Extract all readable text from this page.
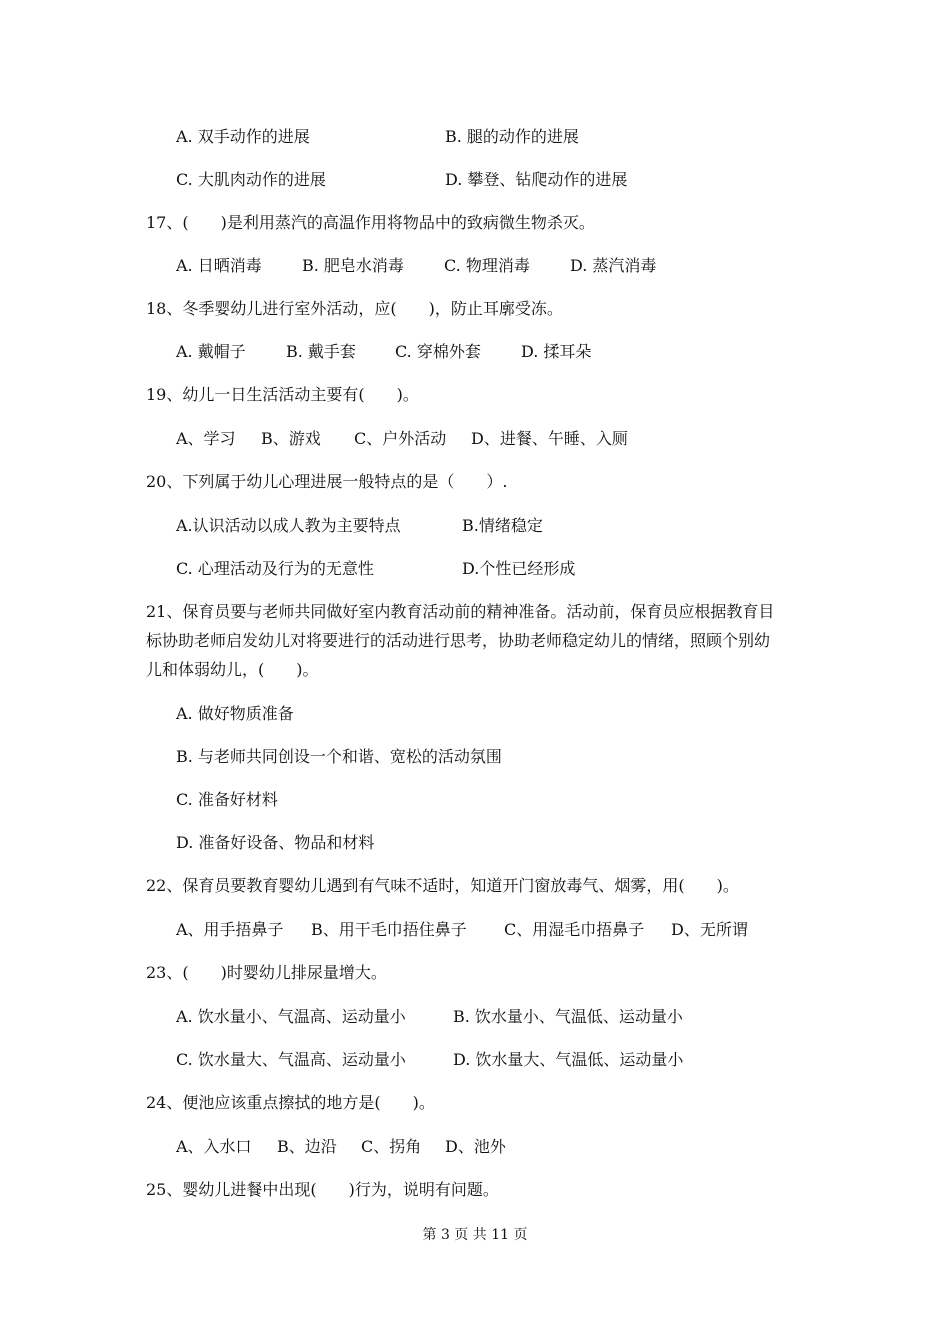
A. 双手动作的进展	B. 腿的动作的进展
C. 大肌肉动作的进展	D. 攀登、钻爬动作的进展
17、(　　)是利用蒸汽的高温作用将物品中的致病微生物杀灭。
A. 日晒消毒	B. 肥皂水消毒	C. 物理消毒	D. 蒸汽消毒
18、冬季婴幼儿进行室外活动，应(　　)，防止耳廓受冻。
A. 戴帽子	B. 戴手套 C. 穿棉外套	D. 揉耳朵
19、幼儿一日生活活动主要有(　　)。
A、学习 B、游戏 C、户外活动 D、进餐、午睡、入厕
20、下列属于幼儿心理进展一般特点的是（　　）.
A.认识活动以成人教为主要特点	B.情绪稳定
C. 心理活动及行为的无意性	D.个性已经形成
21、保育员要与老师共同做好室内教育活动前的精神准备。活动前，保育员应根据教育目
标协助老师启发幼儿对将要进行的活动进行思考，协助老师稳定幼儿的情绪，照顾个别幼
儿和体弱幼儿，(　　)。
A. 做好物质准备
B. 与老师共同创设一个和谐、宽松的活动氛围
C. 准备好材料
D. 准备好设备、物品和材料
22、保育员要教育婴幼儿遇到有气味不适时，知道开门窗放毒气、烟雾，用(　　)。
A、用手捂鼻子 B、用干毛巾捂住鼻子 C、用湿毛巾捂鼻子 D、无所谓
23、(　　)时婴幼儿排尿量增大。
A. 饮水量小、气温高、运动量小	B. 饮水量小、气温低、运动量小
C. 饮水量大、气温高、运动量小	D. 饮水量大、气温低、运动量小
24、便池应该重点擦拭的地方是(　　)。
A、入水口 B、边沿 C、拐角 D、池外
25、婴幼儿进餐中出现(　　)行为，说明有问题。
第 3 页 共 11 页
